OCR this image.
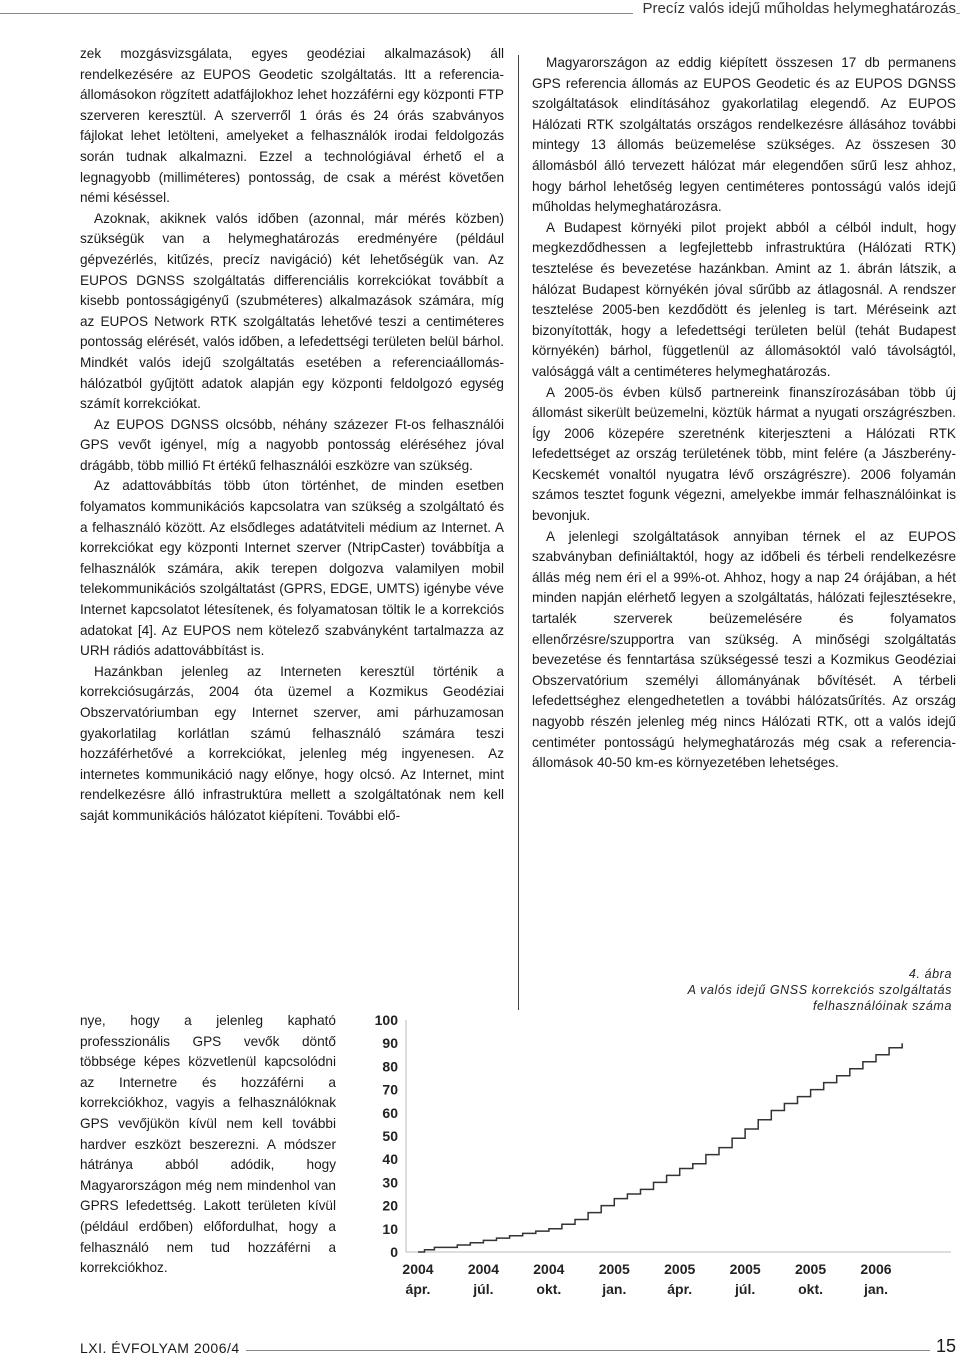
Precíz valós idejű műholdas helymeghatározás

zek mozgásvizsgálata, egyes geodéziai alkalmazások) áll rendelkezésére az EUPOS Geodetic szolgáltatás. Itt a referencia-állomásokon rögzített adatfájlokhoz lehet hozzáférni egy központi FTP szerveren keresztül. A szerverről 1 órás és 24 órás szabványos fájlokat lehet letölteni, amelyeket a felhasználók irodai feldolgozás során tudnak alkalmazni. Ezzel a technológiával érhető el a legnagyobb (milliméteres) pontosság, de csak a mérést követően némi késéssel.

Azoknak, akiknek valós időben (azonnal, már mérés közben) szükségük van a helymeghatározás eredményére (például gépvezérlés, kitűzés, precíz navigáció) két lehetőségük van. Az EUPOS DGNSS szolgáltatás differenciális korrekciókat továbbít a kisebb pontosságigényű (szubméteres) alkalmazások számára, míg az EUPOS Network RTK szolgáltatás lehetővé teszi a centiméteres pontosság elérését, valós időben, a lefedettségi területen belül bárhol. Mindkét valós idejű szolgáltatás esetében a referenciaállomás-hálózatból gyűjtött adatok alapján egy központi feldolgozó egység számít korrekciókat.

Az EUPOS DGNSS olcsóbb, néhány százezer Ft-os felhasználói GPS vevőt igényel, míg a nagyobb pontosság eléréséhez jóval drágább, több millió Ft értékű felhasználói eszközre van szükség.

Az adattovábbítás több úton történhet, de minden esetben folyamatos kommunikációs kapcsolatra van szükség a szolgáltató és a felhasználó között. Az elsődleges adatátviteli médium az Internet. A korrekciókat egy központi Internet szerver (NtripCaster) továbbítja a felhasználók számára, akik terepen dolgozva valamilyen mobil telekommunikációs szolgáltatást (GPRS, EDGE, UMTS) igénybe véve Internet kapcsolatot létesítenek, és folyamatosan töltik le a korrekciós adatokat [4]. Az EUPOS nem kötelező szabványként tartalmazza az URH rádiós adattovábbítást is.

Hazánkban jelenleg az Interneten keresztül történik a korrekciósugárzás, 2004 óta üzemel a Kozmikus Geodéziai Obszervatóriumban egy Internet szerver, ami párhuzamosan gyakorlatilag korlátlan számú felhasználó számára teszi hozzáférhetővé a korrekciókat, jelenleg még ingyenesen. Az internetes kommunikáció nagy előnye, hogy olcsó. Az Internet, mint rendelkezésre álló infrastruktúra mellett a szolgáltatónak nem kell saját kommunikációs hálózatot kiépíteni. További elő-

nye, hogy a jelenleg kapható professzionális GPS vevők döntő többsége képes közvetlenül kapcsolódni az Internetre és hozzáférni a korrekciókhoz, vagyis a felhasználóknak GPS vevőjükön kívül nem kell további hardver eszközt beszerezni. A módszer hátránya abból adódik, hogy Magyarországon még nem mindenhol van GPRS lefedettség. Lakott területen kívül (például erdőben) előfordulhat, hogy a felhasználó nem tud hozzáférni a korrekciókhoz.

Magyarországon az eddig kiépített összesen 17 db permanens GPS referencia állomás az EUPOS Geodetic és az EUPOS DGNSS szolgáltatások elindításához gyakorlatilag elegendő. Az EUPOS Hálózati RTK szolgáltatás országos rendelkezésre állásához további mintegy 13 állomás beüzemelése szükséges. Az összesen 30 állomásból álló tervezett hálózat már elegendően sűrű lesz ahhoz, hogy bárhol lehetőség legyen centiméteres pontosságú valós idejű műholdas helymeghatározásra.

A Budapest környéki pilot projekt abból a célból indult, hogy megkezdődhessen a legfejlettebb infrastruktúra (Hálózati RTK) tesztelése és bevezetése hazánkban. Amint az 1. ábrán látszik, a hálózat Budapest környékén jóval sűrűbb az átlagosnál. A rendszer tesztelése 2005-ben kezdődött és jelenleg is tart. Méréseink azt bizonyították, hogy a lefedettségi területen belül (tehát Budapest környékén) bárhol, függetlenül az állomásoktól való távolságtól, valósággá vált a centiméteres helymeghatározás.

A 2005-ös évben külső partnereink finanszírozásában több új állomást sikerült beüzemelni, köztük hármat a nyugati országrészben. Így 2006 közepére szeretnénk kiterjeszteni a Hálózati RTK lefedettséget az ország területének több, mint felére (a Jászberény-Kecskemét vonaltól nyugatra lévő országrészre). 2006 folyamán számos tesztet fogunk végezni, amelyekbe immár felhasználóinkat is bevonjuk.

A jelenlegi szolgáltatások annyiban térnek el az EUPOS szabványban definiáltaktól, hogy az időbeli és térbeli rendelkezésre állás még nem éri el a 99%-ot. Ahhoz, hogy a nap 24 órájában, a hét minden napján elérhető legyen a szolgáltatás, hálózati fejlesztésekre, tartalék szerverek beüzemelésére és folyamatos ellenőrzésre/szupportra van szükség. A minőségi szolgáltatás bevezetése és fenntartása szükségessé teszi a Kozmikus Geodéziai Obszervatórium személyi állományának bővítését. A térbeli lefedettséghez elengedhetetlen a további hálózatsűrítés. Az ország nagyobb részén jelenleg még nincs Hálózati RTK, ott a valós idejű centiméter pontosságú helymeghatározás még csak a referencia-állomások 40-50 km-es környezetében lehetséges.

4. ábra
A valós idejű GNSS korrekciós szolgáltatás
felhasználóinak száma
100
90
80
70
60
50
40
30
20
10
0
2004
ápr.
2004
júl.
2004
okt.
2005
jan.
2005
ápr.
2005
júl.
2005
okt.
2006
jan.
LXI. ÉVFOLYAM 2006/4	15
